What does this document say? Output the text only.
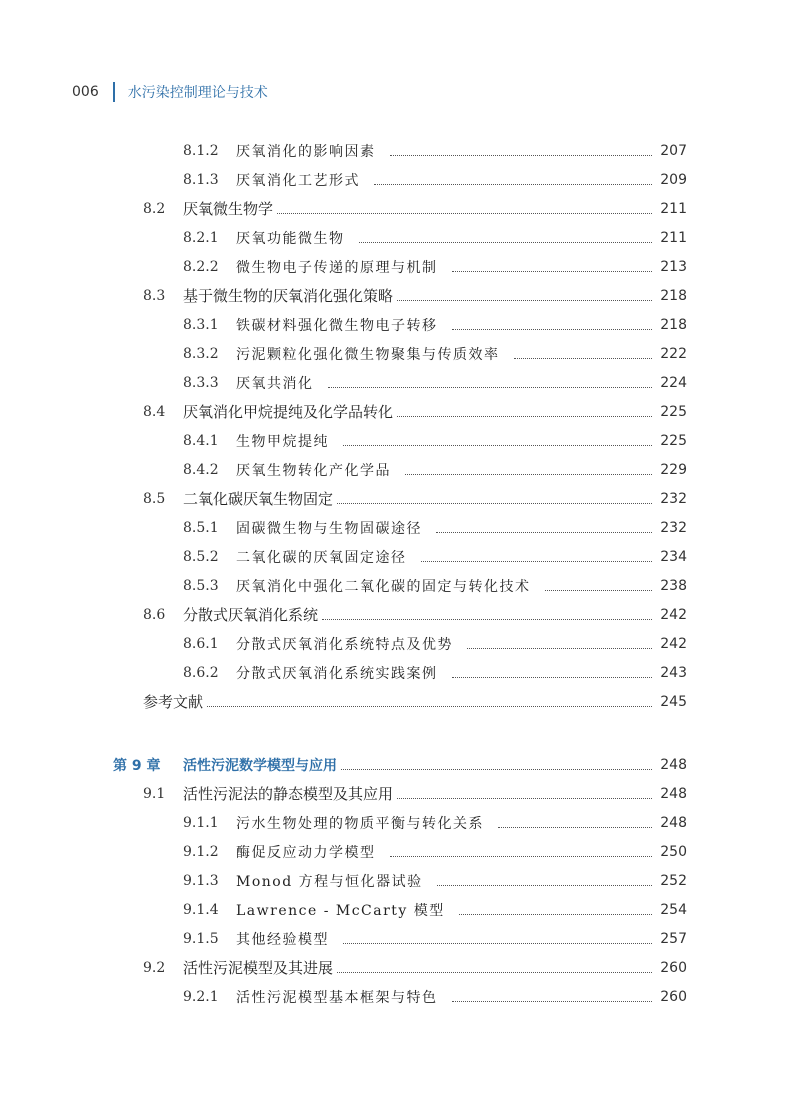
006 水污染控制理论与技术
8.1.2 厌氧消化的影响因素	207
8.1.3 厌氧消化工艺形式	209
8.2 厌氧微生物学	211
8.2.1 厌氧功能微生物	211
8.2.2 微生物电子传递的原理与机制	213
8.3 基于微生物的厌氧消化强化策略	218
8.3.1 铁碳材料强化微生物电子转移	218
8.3.2 污泥颗粒化强化微生物聚集与传质效率	222
8.3.3 厌氧共消化	224
8.4 厌氧消化甲烷提纯及化学品转化	225
8.4.1 生物甲烷提纯	225
8.4.2 厌氧生物转化产化学品	229
8.5 二氧化碳厌氧生物固定	232
8.5.1 固碳微生物与生物固碳途径	232
8.5.2 二氧化碳的厌氧固定途径	234
8.5.3 厌氧消化中强化二氧化碳的固定与转化技术	238
8.6 分散式厌氧消化系统	242
8.6.1 分散式厌氧消化系统特点及优势	242
8.6.2 分散式厌氧消化系统实践案例	243
参考文献	245
第 9 章 活性污泥数学模型与应用	248
9.1 活性污泥法的静态模型及其应用	248
9.1.1 污水生物处理的物质平衡与转化关系	248
9.1.2 酶促反应动力学模型	250
9.1.3 Monod 方程与恒化器试验	252
9.1.4 Lawrence - McCarty 模型	254
9.1.5 其他经验模型	257
9.2 活性污泥模型及其进展	260
9.2.1 活性污泥模型基本框架与特色	260
